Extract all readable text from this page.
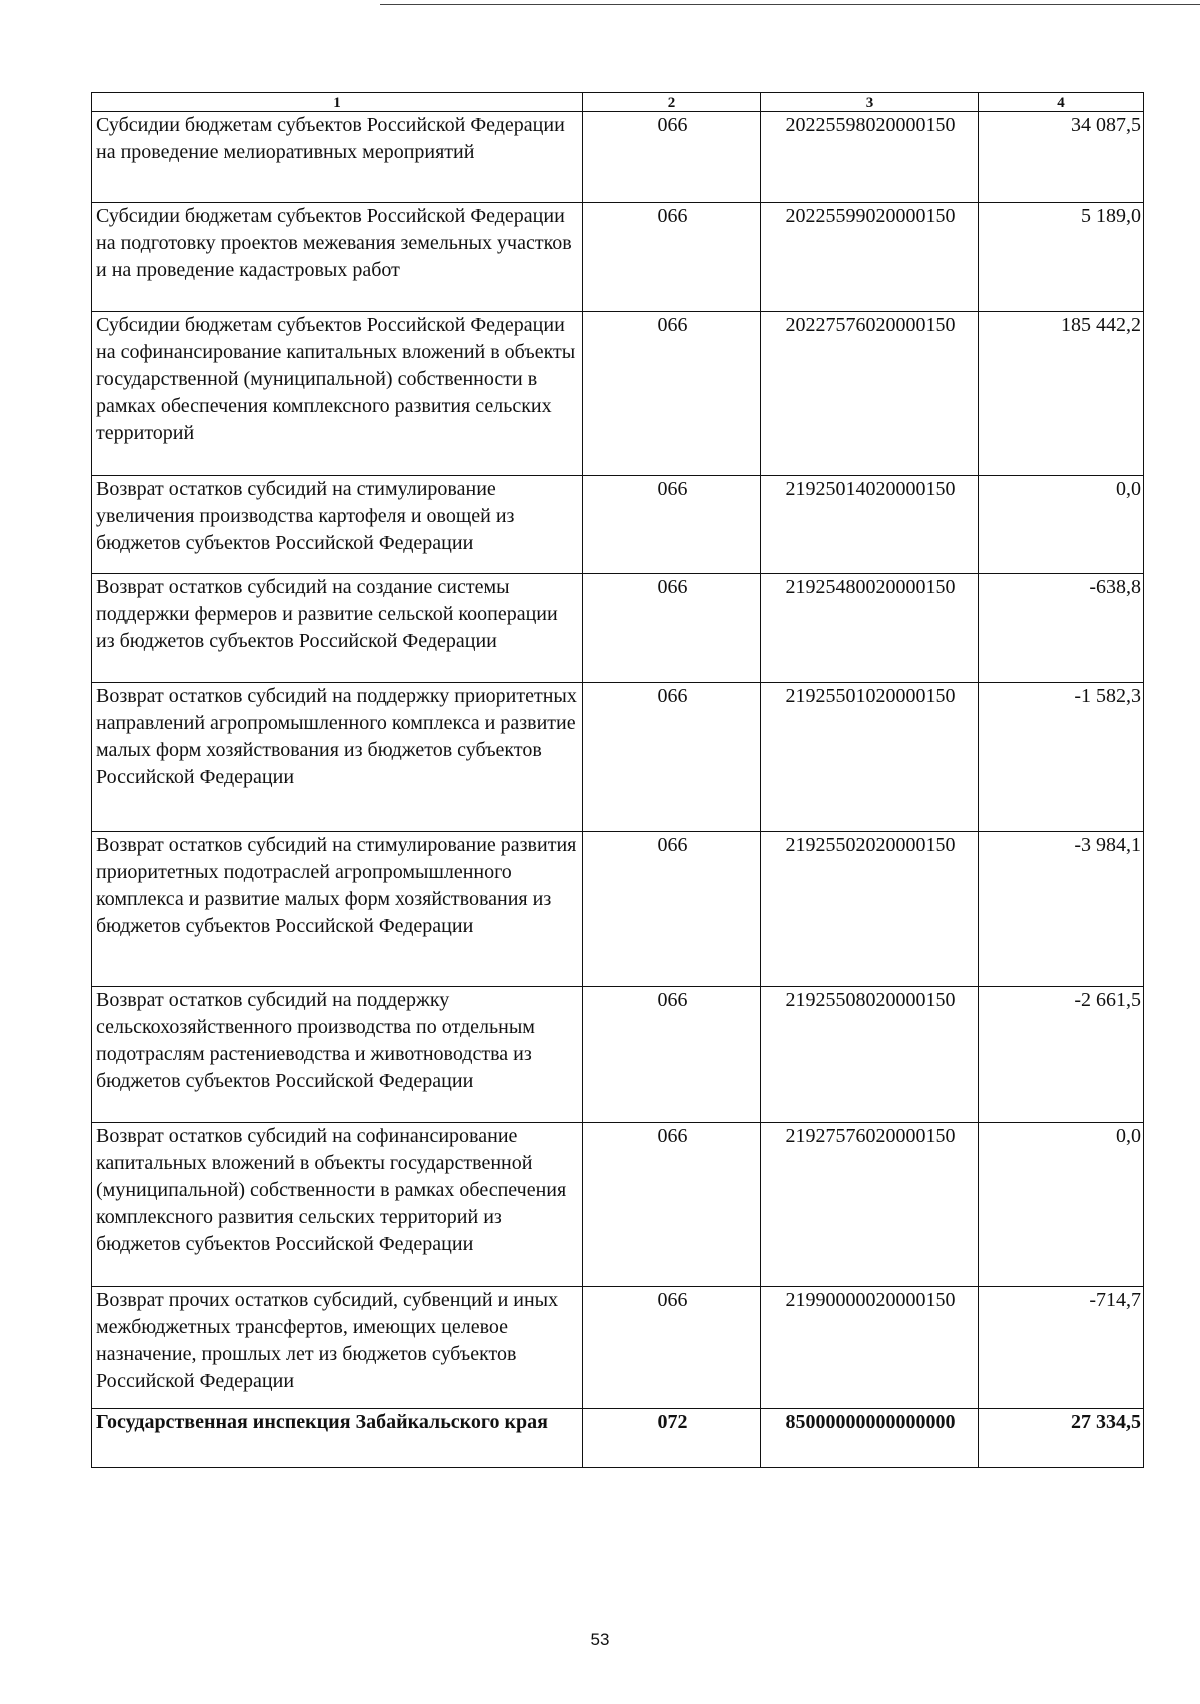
1	2	3	4
Субсидии бюджетам субъектов Российской Федерации на проведение мелиоративных мероприятий	066	20225598020000150	34 087,5
Субсидии бюджетам субъектов Российской Федерации на подготовку проектов межевания земельных участков и на проведение кадастровых работ	066	20225599020000150	5 189,0
Субсидии бюджетам субъектов Российской Федерации на софинансирование капитальных вложений в объекты государственной (муниципальной) собственности в рамках обеспечения комплексного развития сельских территорий	066	20227576020000150	185 442,2
Возврат остатков субсидий на стимулирование увеличения производства картофеля и овощей из бюджетов субъектов Российской Федерации	066	21925014020000150	0,0
Возврат остатков субсидий на создание системы поддержки фермеров и развитие сельской кооперации из бюджетов субъектов Российской Федерации	066	21925480020000150	-638,8
Возврат остатков субсидий на поддержку приоритетных направлений агропромышленного комплекса и развитие малых форм хозяйствования из бюджетов субъектов Российской Федерации	066	21925501020000150	-1 582,3
Возврат остатков субсидий на стимулирование развития приоритетных подотраслей агропромышленного комплекса и развитие малых форм хозяйствования из бюджетов субъектов Российской Федерации	066	21925502020000150	-3 984,1
Возврат остатков субсидий на поддержку сельскохозяйственного производства по отдельным подотраслям растениеводства и животноводства из бюджетов субъектов Российской Федерации	066	21925508020000150	-2 661,5
Возврат остатков субсидий на софинансирование капитальных вложений в объекты государственной (муниципальной) собственности в рамках обеспечения комплексного развития сельских территорий из бюджетов субъектов Российской Федерации	066	21927576020000150	0,0
Возврат прочих остатков субсидий, субвенций и иных межбюджетных трансфертов, имеющих целевое назначение, прошлых лет из бюджетов субъектов Российской Федерации	066	21990000020000150	-714,7
Государственная инспекция Забайкальского края	072	85000000000000000	27 334,5
53
